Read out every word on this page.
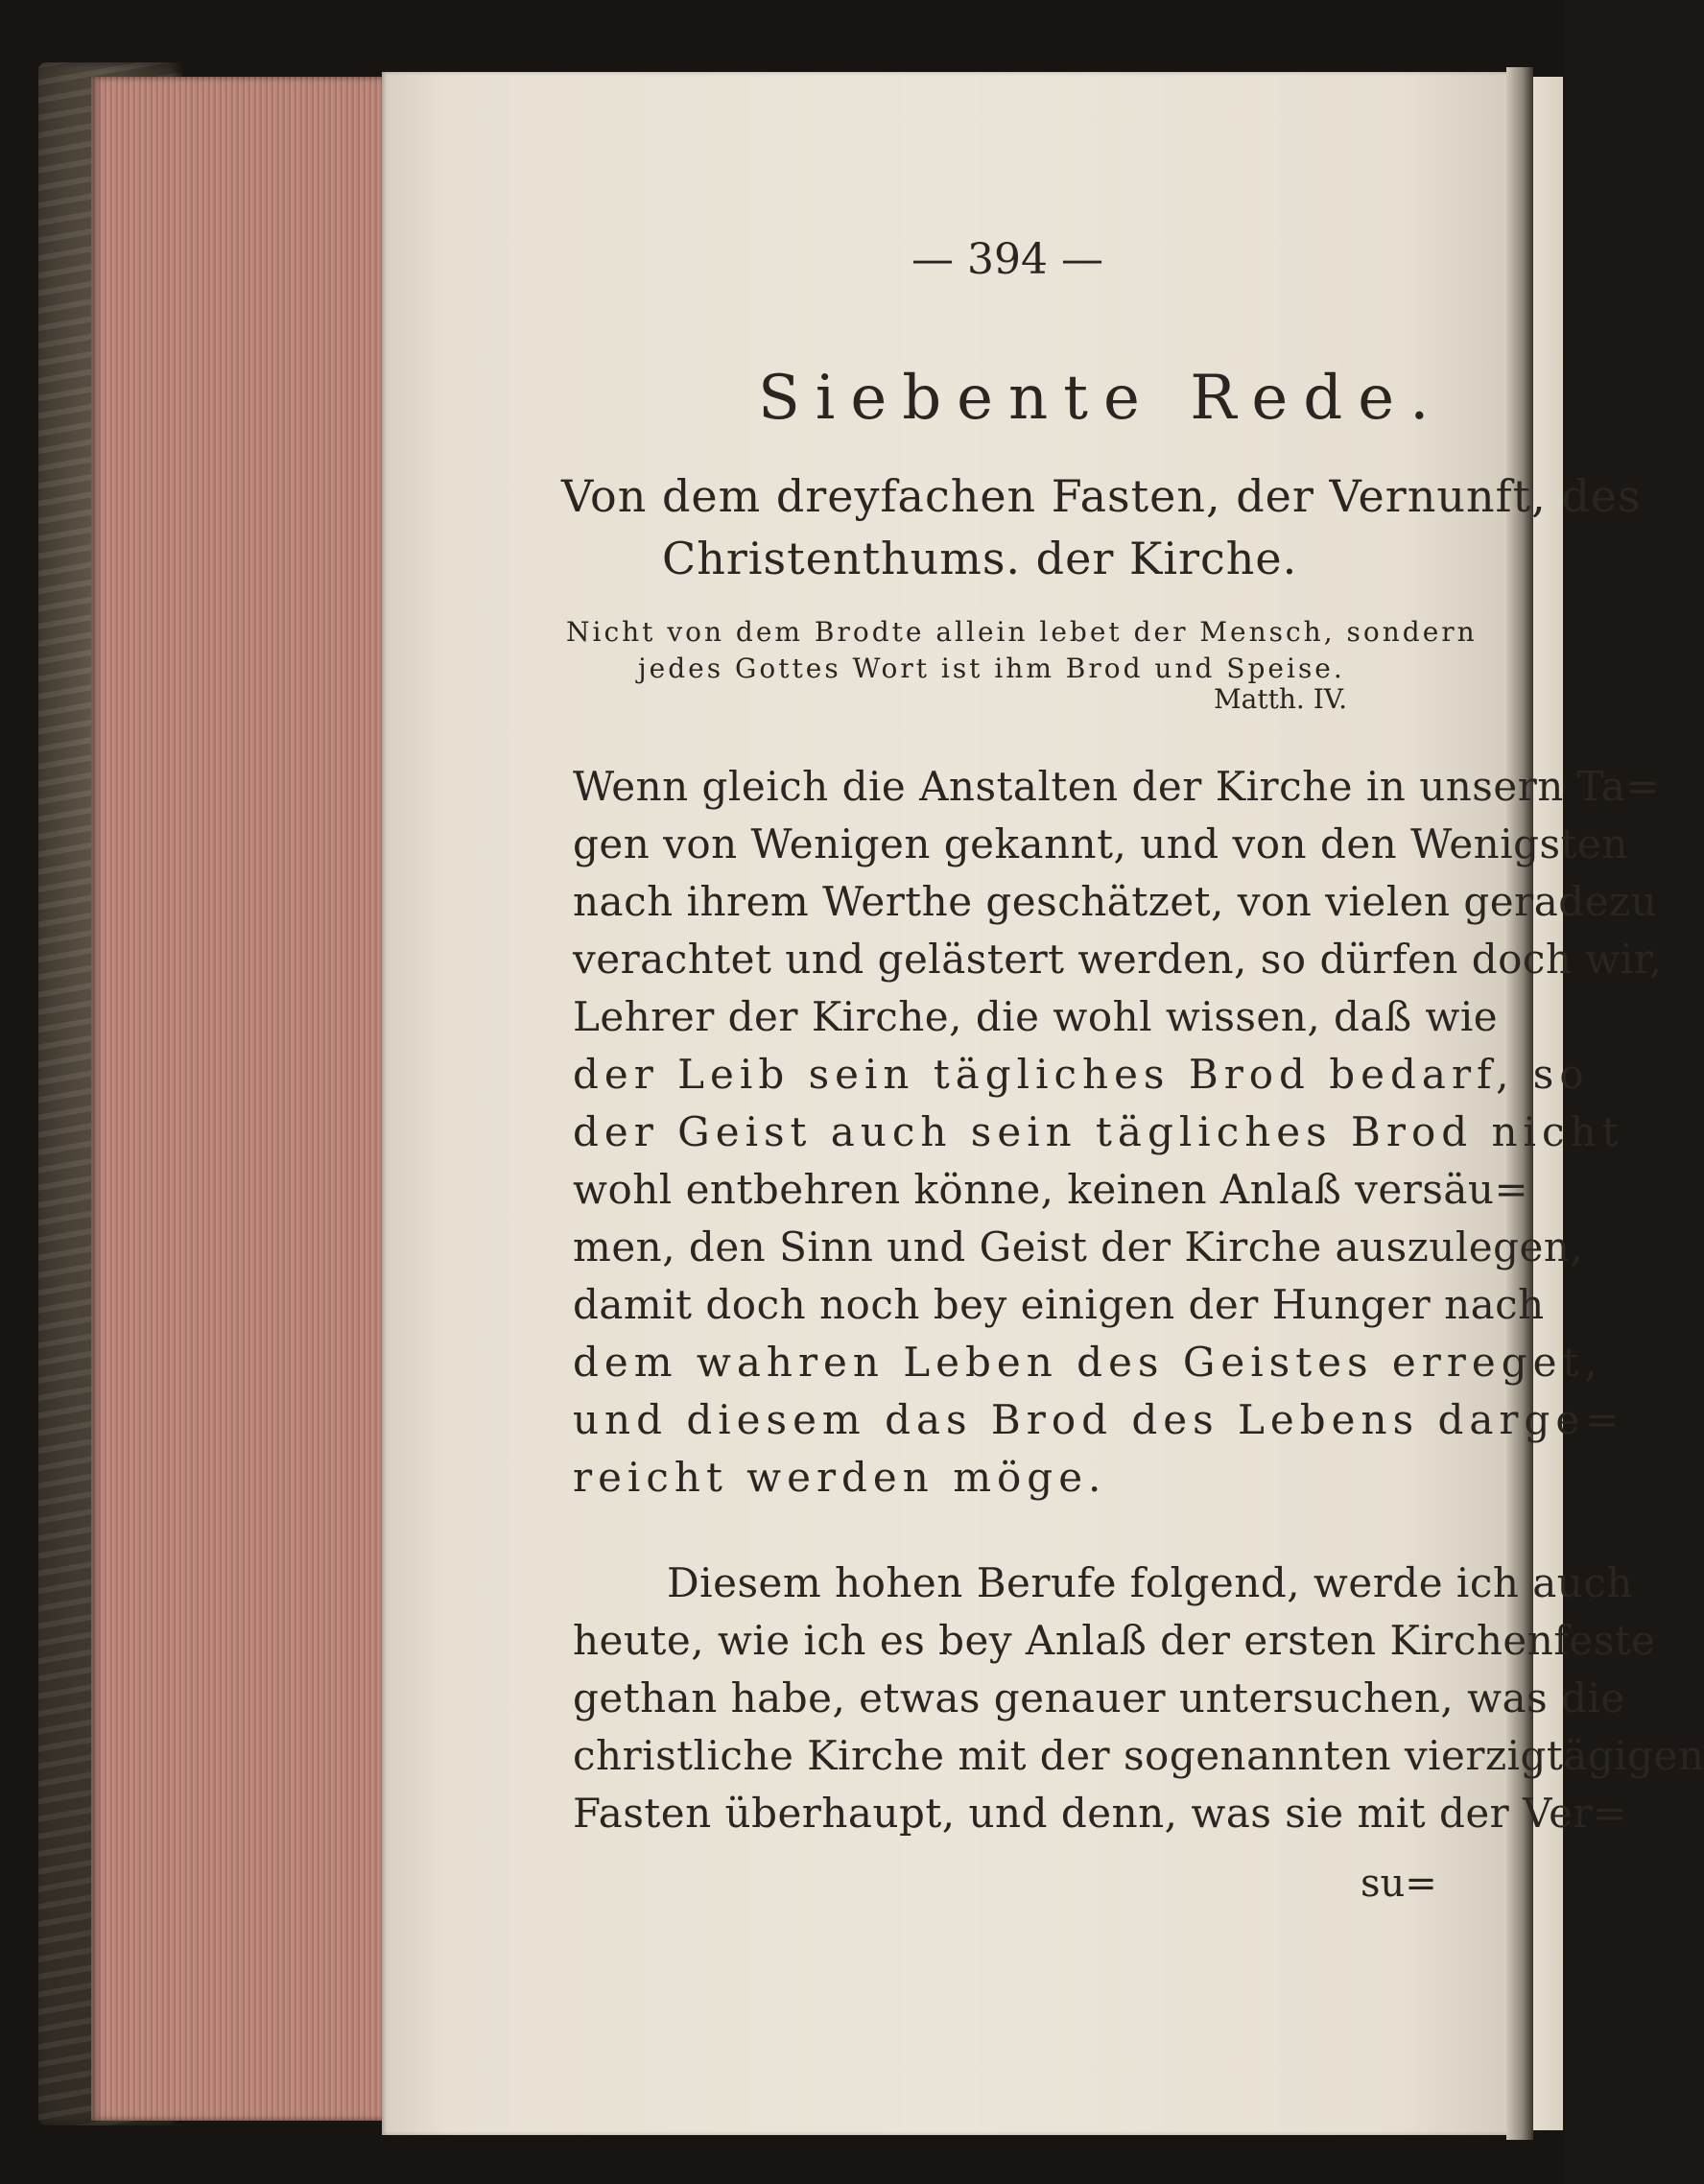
— 394 —
Siebente Rede.
Von dem dreyfachen Fasten, der Vernunft, des
Christenthums. der Kirche.
Nicht von dem Brodte allein lebet der Mensch, sondern
jedes Gottes Wort ist ihm Brod und Speise.
Matth. IV.
Wenn gleich die Anstalten der Kirche in unsern Ta=
gen von Wenigen gekannt, und von den Wenigsten
nach ihrem Werthe geschätzet, von vielen geradezu
verachtet und gelästert werden, so dürfen doch wir,
Lehrer der Kirche, die wohl wissen, daß wie
der Leib sein tägliches Brod bedarf, so
der Geist auch sein tägliches Brod nicht
wohl entbehren könne, keinen Anlaß versäu=
men, den Sinn und Geist der Kirche auszulegen,
damit doch noch bey einigen der Hunger nach
dem wahren Leben des Geistes erreget,
und diesem das Brod des Lebens darge=
reicht werden möge.
Diesem hohen Berufe folgend, werde ich auch
heute, wie ich es bey Anlaß der ersten Kirchenfeste
gethan habe, etwas genauer untersuchen, was die
christliche Kirche mit der sogenannten vierzigtägigen
Fasten überhaupt, und denn, was sie mit der Ver=
su=
